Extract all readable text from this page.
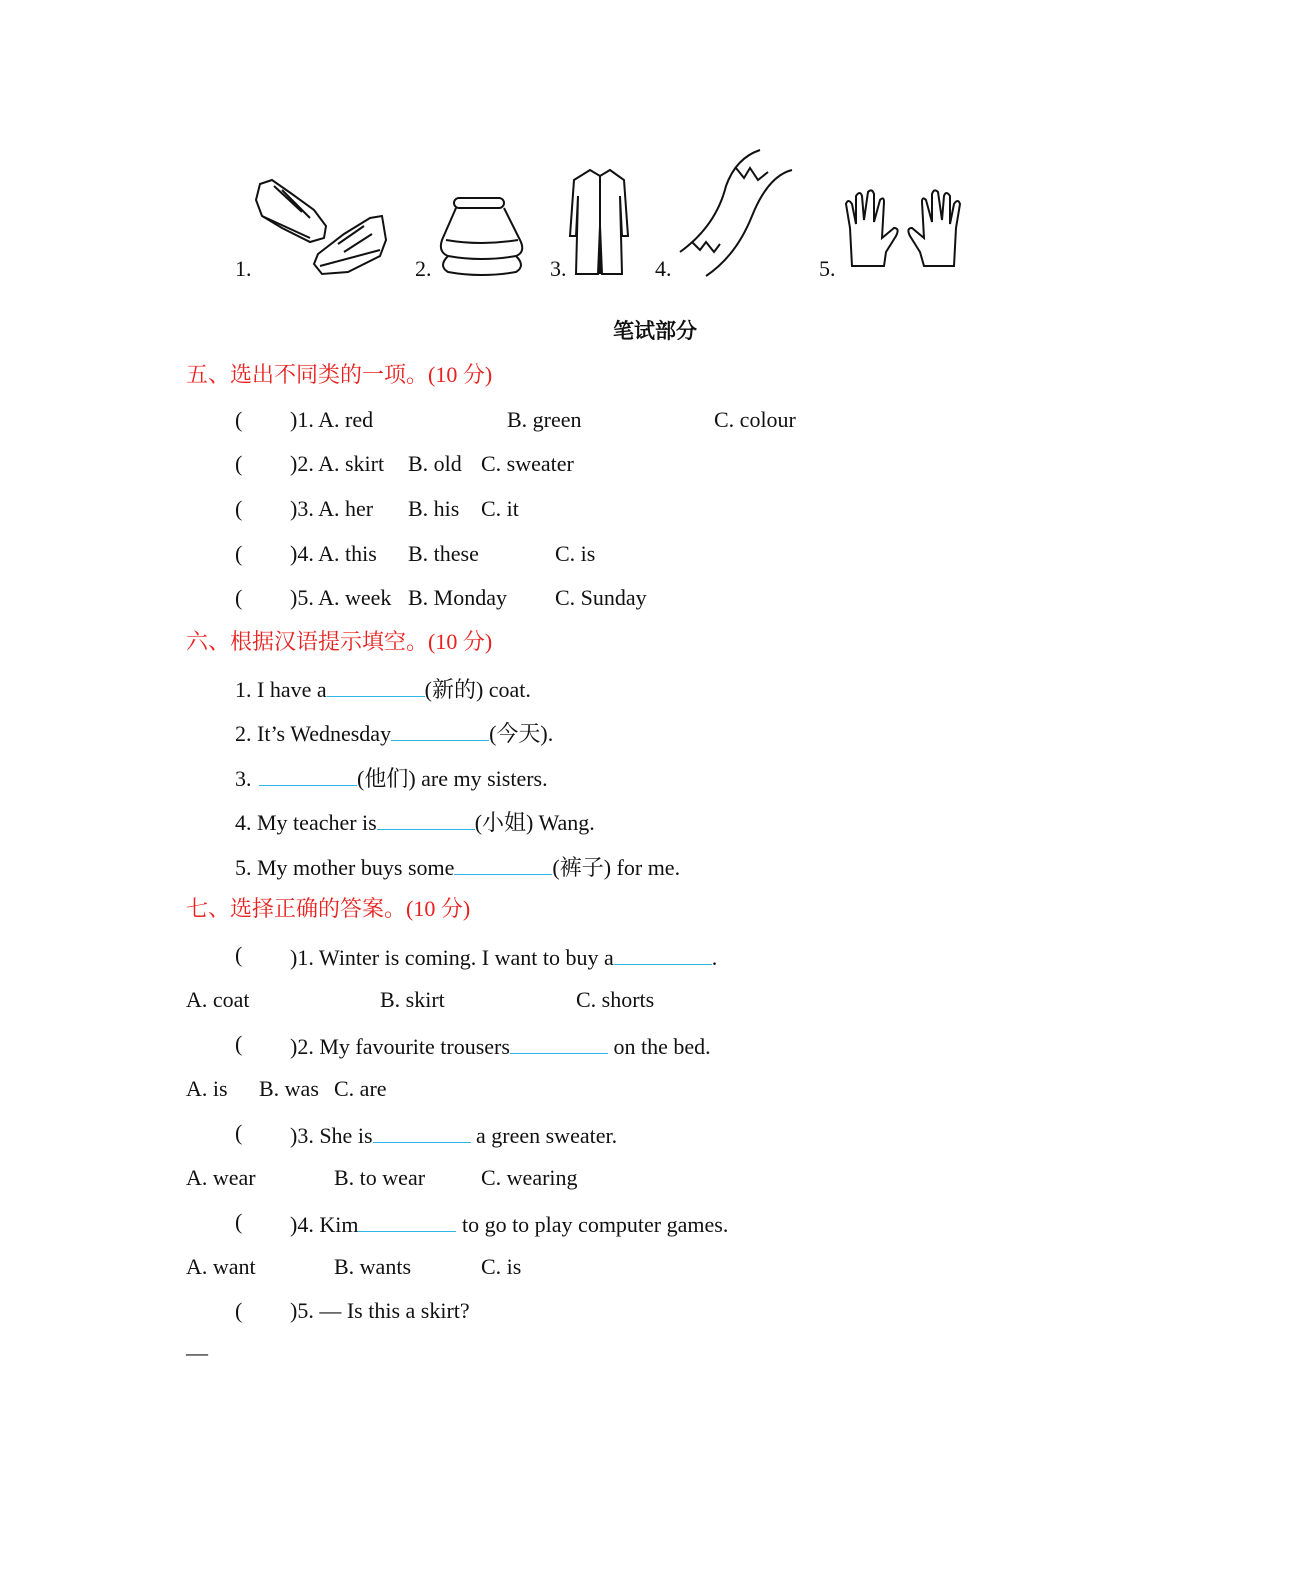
1.	2.	3.	4.	5.
笔试部分
五、选出不同类的一项。(10 分)
( )1. A. red	B. green	C. colour
( )2. A. skirt B. old C. sweater
( )3. A. her B. his C. it
( )4. A. this B. these	C. is
( )5. A. week B. Monday C. Sunday
六、根据汉语提示填空。(10 分)
1. I have a	(新的) coat.
2. It’s Wednesday	(今天).
3.	(他们) are my sisters.
4. My teacher is	(小姐) Wang.
5. My mother buys some	(裤子) for me.
七、选择正确的答案。(10 分)
( )1. Winter is coming. I want to buy a	.
A. coat	B. skirt	C. shorts
( )2. My favourite trousers	on the bed.
A. is B. was C. are
( )3. She is	a green sweater.
A. wear	B. to wear	C. wearing
( )4. Kim	to go to play computer games.
A. want	B. wants	C. is
( )5. — Is this a skirt?
—
